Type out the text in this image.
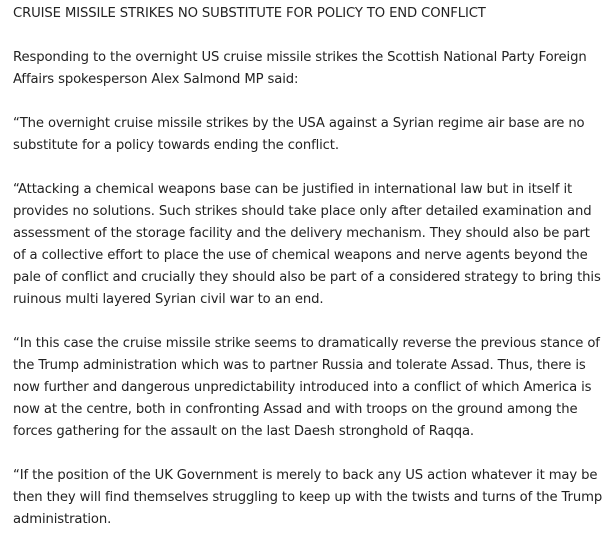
CRUISE MISSILE STRIKES NO SUBSTITUTE FOR POLICY TO END CONFLICT

Responding to the overnight US cruise missile strikes the Scottish National Party Foreign Affairs spokesperson Alex Salmond MP said:

“The overnight cruise missile strikes by the USA against a Syrian regime air base are no substitute for a policy towards ending the conflict.

“Attacking a chemical weapons base can be justified in international law but in itself it provides no solutions. Such strikes should take place only after detailed examination and assessment of the storage facility and the delivery mechanism. They should also be part of a collective effort to place the use of chemical weapons and nerve agents beyond the pale of conflict and crucially they should also be part of a considered strategy to bring this ruinous multi layered Syrian civil war to an end.

“In this case the cruise missile strike seems to dramatically reverse the previous stance of the Trump administration which was to partner Russia and tolerate Assad. Thus, there is now further and dangerous unpredictability introduced into a conflict of which America is now at the centre, both in confronting Assad and with troops on the ground among the forces gathering for the assault on the last Daesh stronghold of Raqqa.

“If the position of the UK Government is merely to back any US action whatever it may be then they will find themselves struggling to keep up with the twists and turns of the Trump administration.
